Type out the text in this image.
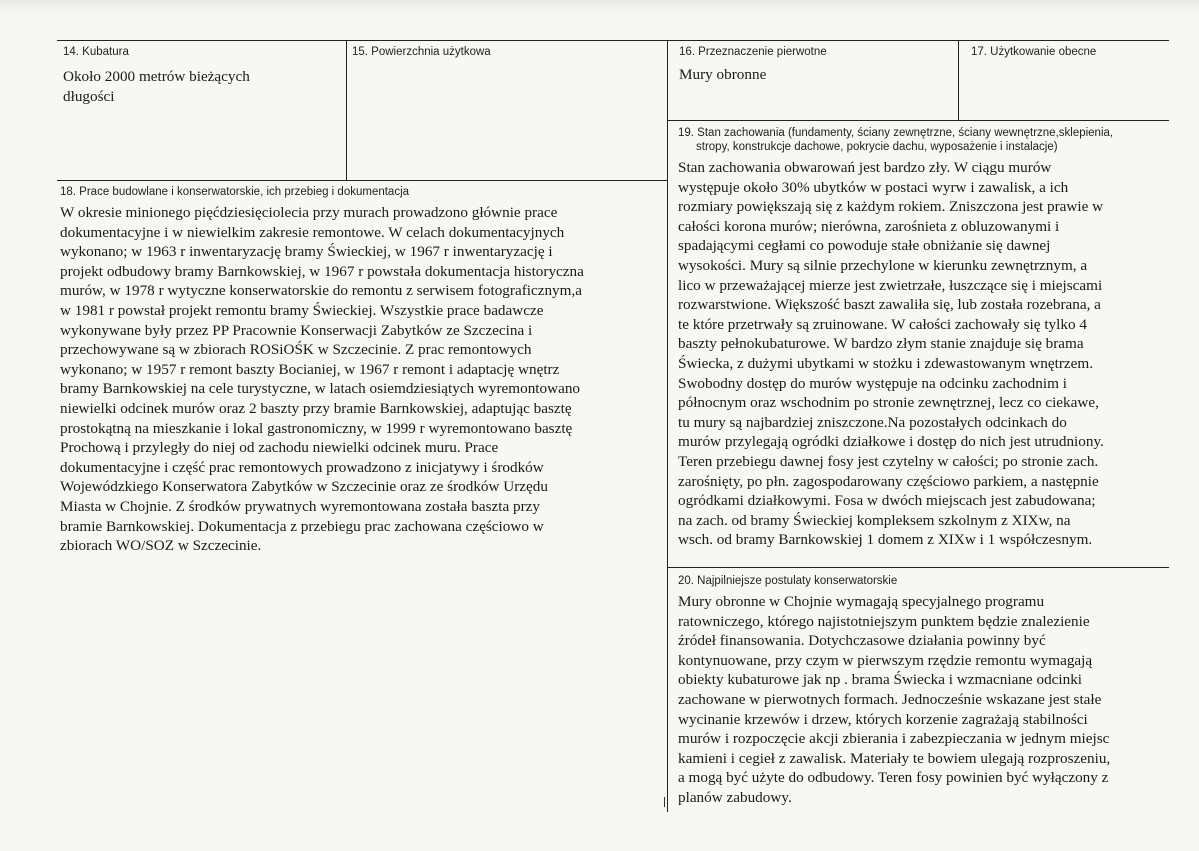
14. Kubatura
Około 2000 metrów bieżących
długości
15. Powierzchnia użytkowa	16. Przeznaczenie pierwotne
Mury obronne
17. Użytkowanie obecne
18. Prace budowlane i konserwatorskie, ich przebieg i dokumentacja
W okresie minionego pięćdziesięciolecia przy murach prowadzono głównie prace
dokumentacyjne i w niewielkim zakresie remontowe. W celach dokumentacyjnych
wykonano; w 1963 r inwentaryzację bramy Świeckiej, w 1967 r inwentaryzację i
projekt odbudowy bramy Barnkowskiej, w 1967 r powstała dokumentacja historyczna
murów, w 1978 r wytyczne konserwatorskie do remontu z serwisem fotograficznym,a
w 1981 r powstał projekt remontu bramy Świeckiej. Wszystkie prace badawcze
wykonywane były przez PP Pracownie Konserwacji Zabytków ze Szczecina i
przechowywane są w zbiorach ROSiOŚK w Szczecinie. Z prac remontowych
wykonano; w 1957 r remont baszty Bocianiej, w 1967 r remont i adaptację wnętrz
bramy Barnkowskiej na cele turystyczne, w latach osiemdziesiątych wyremontowano
niewielki odcinek murów oraz 2 baszty przy bramie Barnkowskiej, adaptując basztę
prostokątną na mieszkanie i lokal gastronomiczny, w 1999 r wyremontowano basztę
Prochową i przyległy do niej od zachodu niewielki odcinek muru. Prace
dokumentacyjne i część prac remontowych prowadzono z inicjatywy i środków
Wojewódzkiego Konserwatora Zabytków w Szczecinie oraz ze środków Urzędu
Miasta w Chojnie. Z środków prywatnych wyremontowana została baszta przy
bramie Barnkowskiej. Dokumentacja z przebiegu prac zachowana częściowo w
zbiorach WO/SOZ w Szczecinie.
19. Stan zachowania (fundamenty, ściany zewnętrzne, ściany wewnętrzne,sklepienia,
stropy, konstrukcje dachowe, pokrycie dachu, wyposażenie i instalacje)
Stan zachowania obwarowań jest bardzo zły. W ciągu murów
występuje około 30% ubytków w postaci wyrw i zawalisk, a ich
rozmiary powiększają się z każdym rokiem. Zniszczona jest prawie w
całości korona murów; nierówna, zarośnieta z obluzowanymi i
spadającymi cegłami co powoduje stałe obniżanie się dawnej
wysokości. Mury są silnie przechylone w kierunku zewnętrznym, a
lico w przeważającej mierze jest zwietrzałe, łuszczące się i miejscami
rozwarstwione. Większość baszt zawaliła się, lub została rozebrana, a
te które przetrwały są zruinowane. W całości zachowały się tylko 4
baszty pełnokubaturowe. W bardzo złym stanie znajduje się brama
Świecka, z dużymi ubytkami w stożku i zdewastowanym wnętrzem.
Swobodny dostęp do murów występuje na odcinku zachodnim i
północnym oraz wschodnim po stronie zewnętrznej, lecz co ciekawe,
tu mury są najbardziej zniszczone.Na pozostałych odcinkach do
murów przylegają ogródki działkowe i dostęp do nich jest utrudniony.
Teren przebiegu dawnej fosy jest czytelny w całości; po stronie zach.
zarośnięty, po płn. zagospodarowany częściowo parkiem, a następnie
ogródkami działkowymi. Fosa w dwóch miejscach jest zabudowana;
na zach. od bramy Świeckiej kompleksem szkolnym z XIXw, na
wsch. od bramy Barnkowskiej 1 domem z XIXw i 1 współczesnym.
20. Najpilniejsze postulaty konserwatorskie
Mury obronne w Chojnie wymagają specyjalnego programu
ratowniczego, którego najistotniejszym punktem będzie znalezienie
źródeł finansowania. Dotychczasowe działania powinny być
kontynuowane, przy czym w pierwszym rzędzie remontu wymagają
obiekty kubaturowe jak np . brama Świecka i wzmacniane odcinki
zachowane w pierwotnych formach. Jednocześnie wskazane jest stałe
wycinanie krzewów i drzew, których korzenie zagrażają stabilności
murów i rozpoczęcie akcji zbierania i zabezpieczania w jednym miejsc
kamieni i cegieł z zawalisk. Materiały te bowiem ulegają rozproszeniu,
a mogą być użyte do odbudowy. Teren fosy powinien być wyłączony z
planów zabudowy.
